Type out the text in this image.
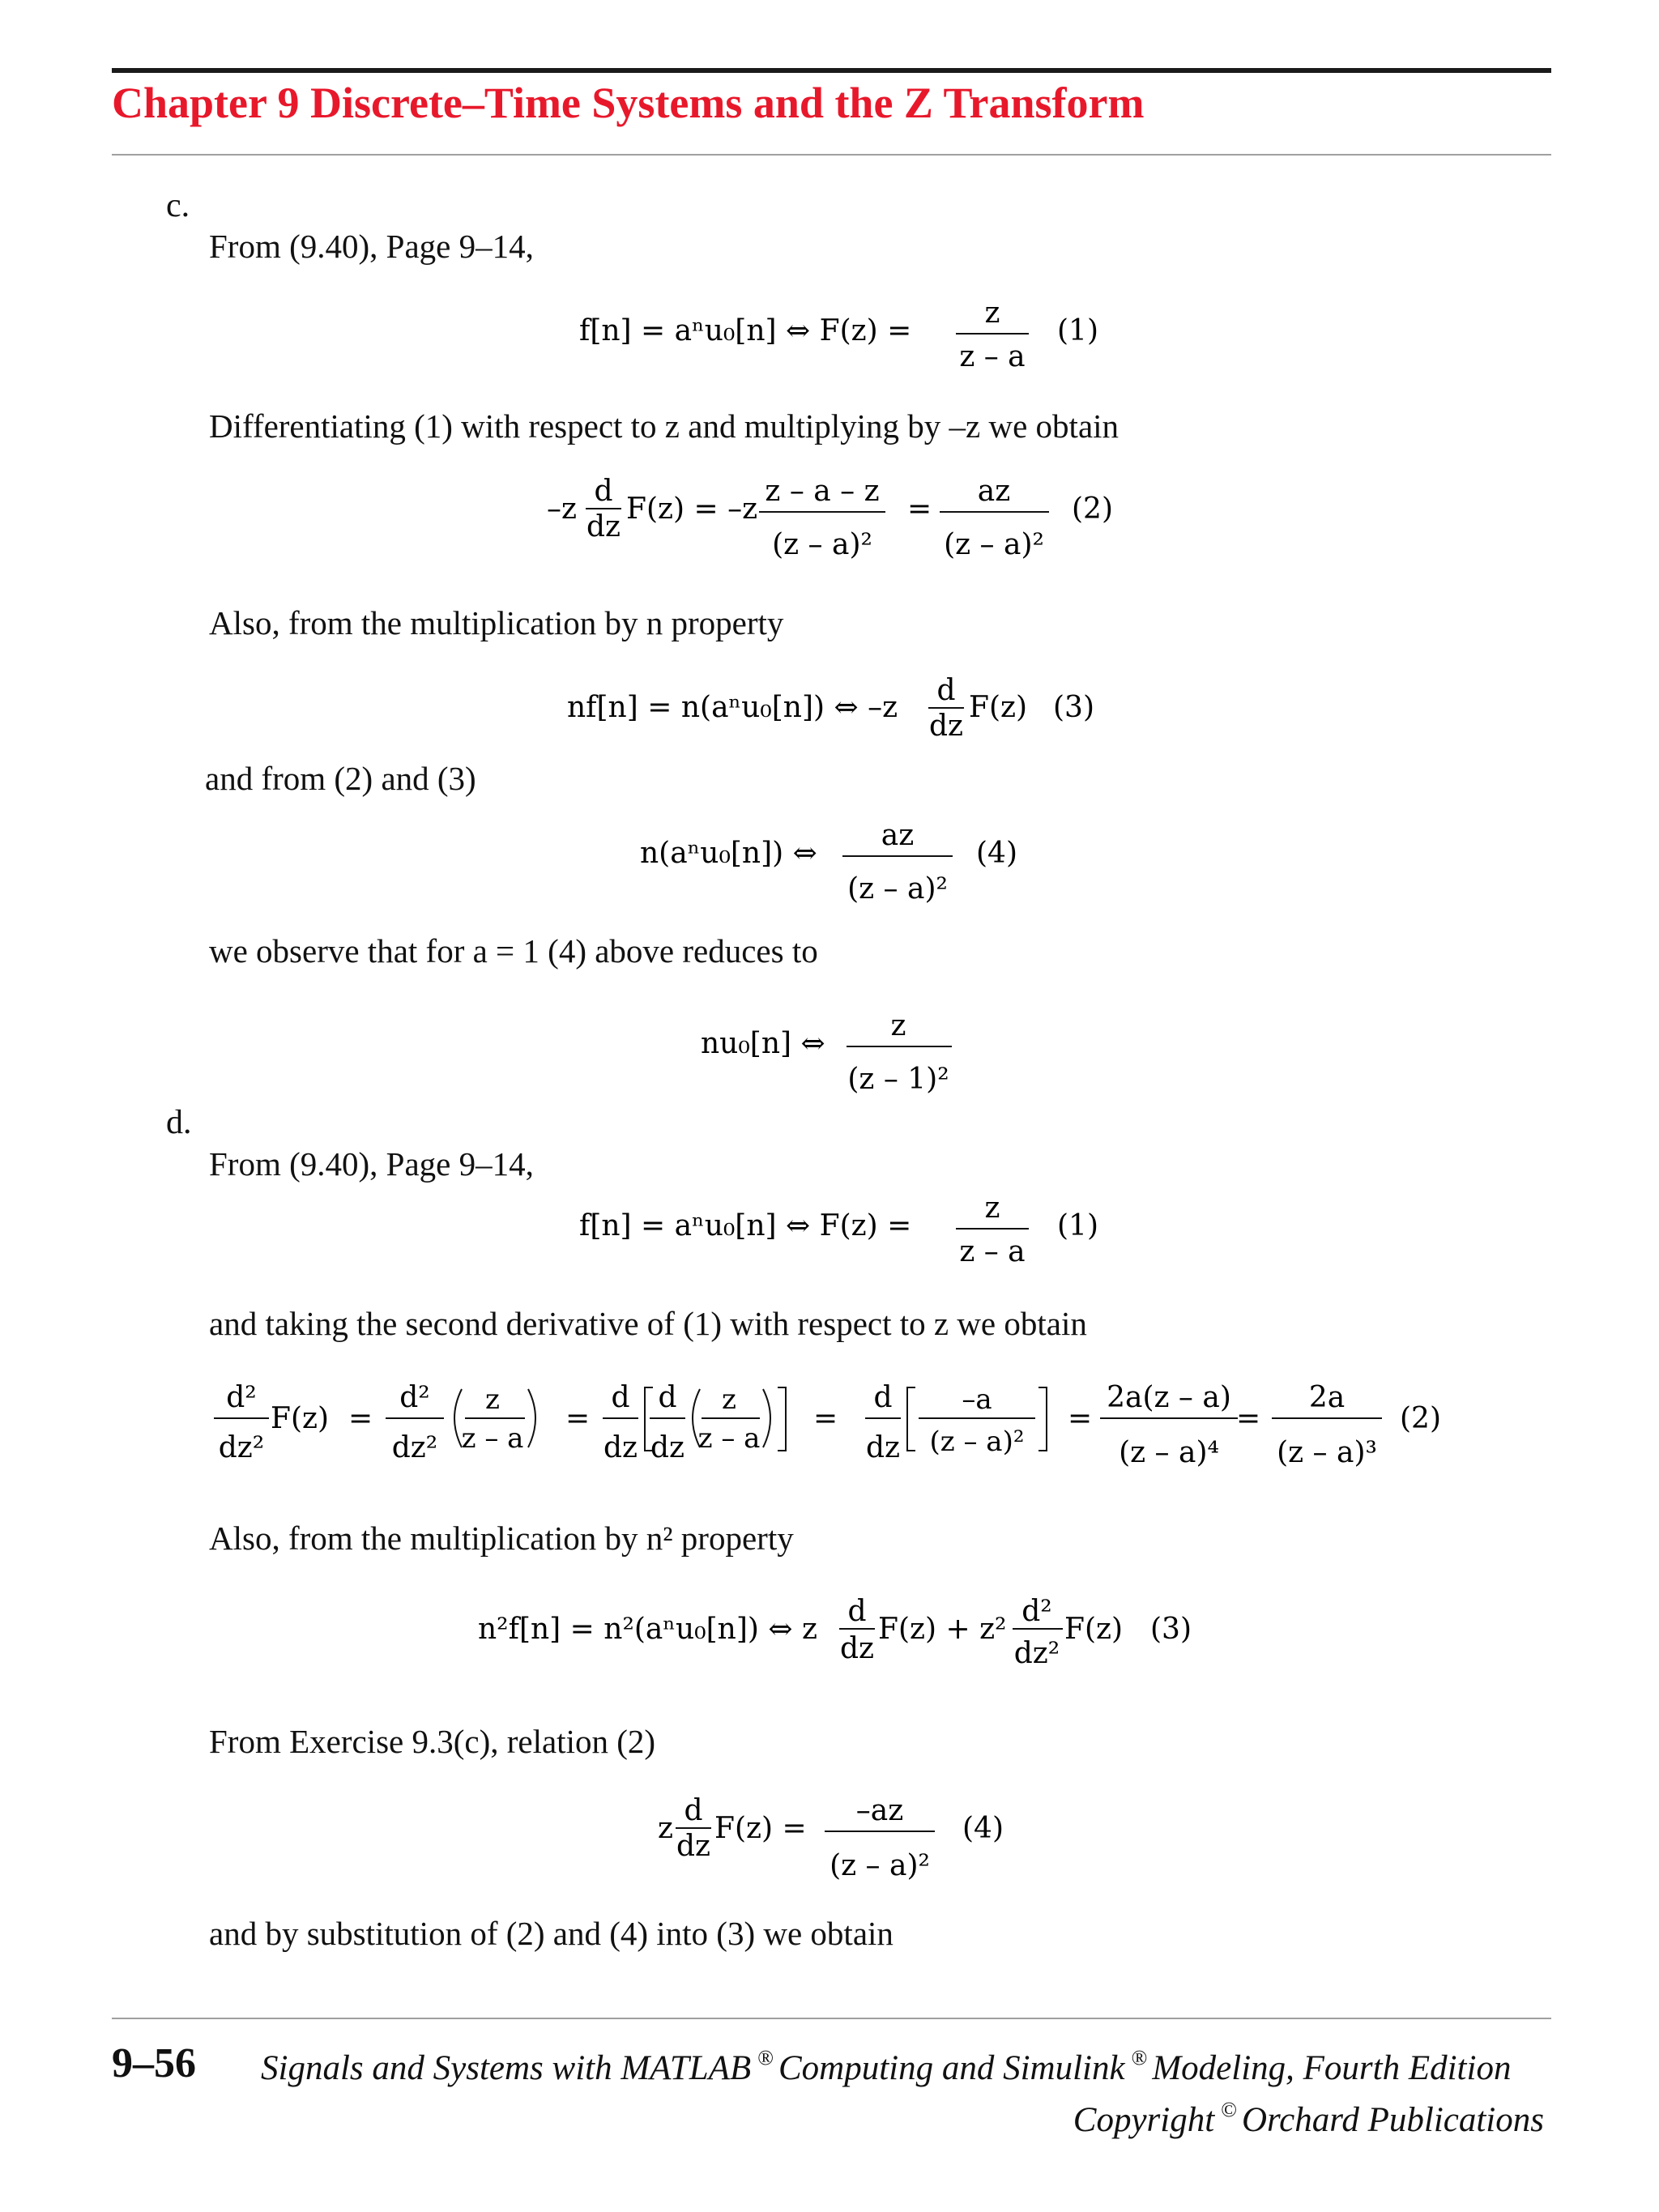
Chapter 9 Discrete–Time Systems and the Z Transform
c.
From (9.40), Page 9–14,
f[n] = aⁿu₀[n] ⇔ F(z) =
z
z – a
(1)
Differentiating (1) with respect to z and multiplying by –z we obtain
–z
d
dz
F(z) = –z
z – a – z
(z – a)²
=
az
(z – a)²
(2)
Also, from the multiplication by n property
nf[n] = n(aⁿu₀[n]) ⇔ –z
d
dz
F(z) (3)
and from (2) and (3)
n(aⁿu₀[n]) ⇔
az
(z – a)²
(4)
we observe that for a = 1 (4) above reduces to
nu₀[n] ⇔
z
(z – 1)²
d.
From (9.40), Page 9–14,
f[n] = aⁿu₀[n] ⇔ F(z) =
z
z – a
(1)
and taking the second derivative of (1) with respect to z we obtain
d²
dz²
F(z) =
d²
dz²
z
z – a
=
d
dz
d
dz
z
z – a
=
d
dz
–a
(z – a)²
=
2a(z – a)
(z – a)⁴
=
2a
(z – a)³
(2)
Also, from the multiplication by n² property
n²f[n] = n²(aⁿu₀[n]) ⇔ z
d
dz
F(z) + z²
d²
dz²
F(z) (3)
From Exercise 9.3(c), relation (2)
z
d
dz
F(z) =
–az
(z – a)²
(4)
and by substitution of (2) and (4) into (3) we obtain
9–56 Signals and Systems with MATLAB ® Computing and Simulink ® Modeling, Fourth Edition
Copyright © Orchard Publications
